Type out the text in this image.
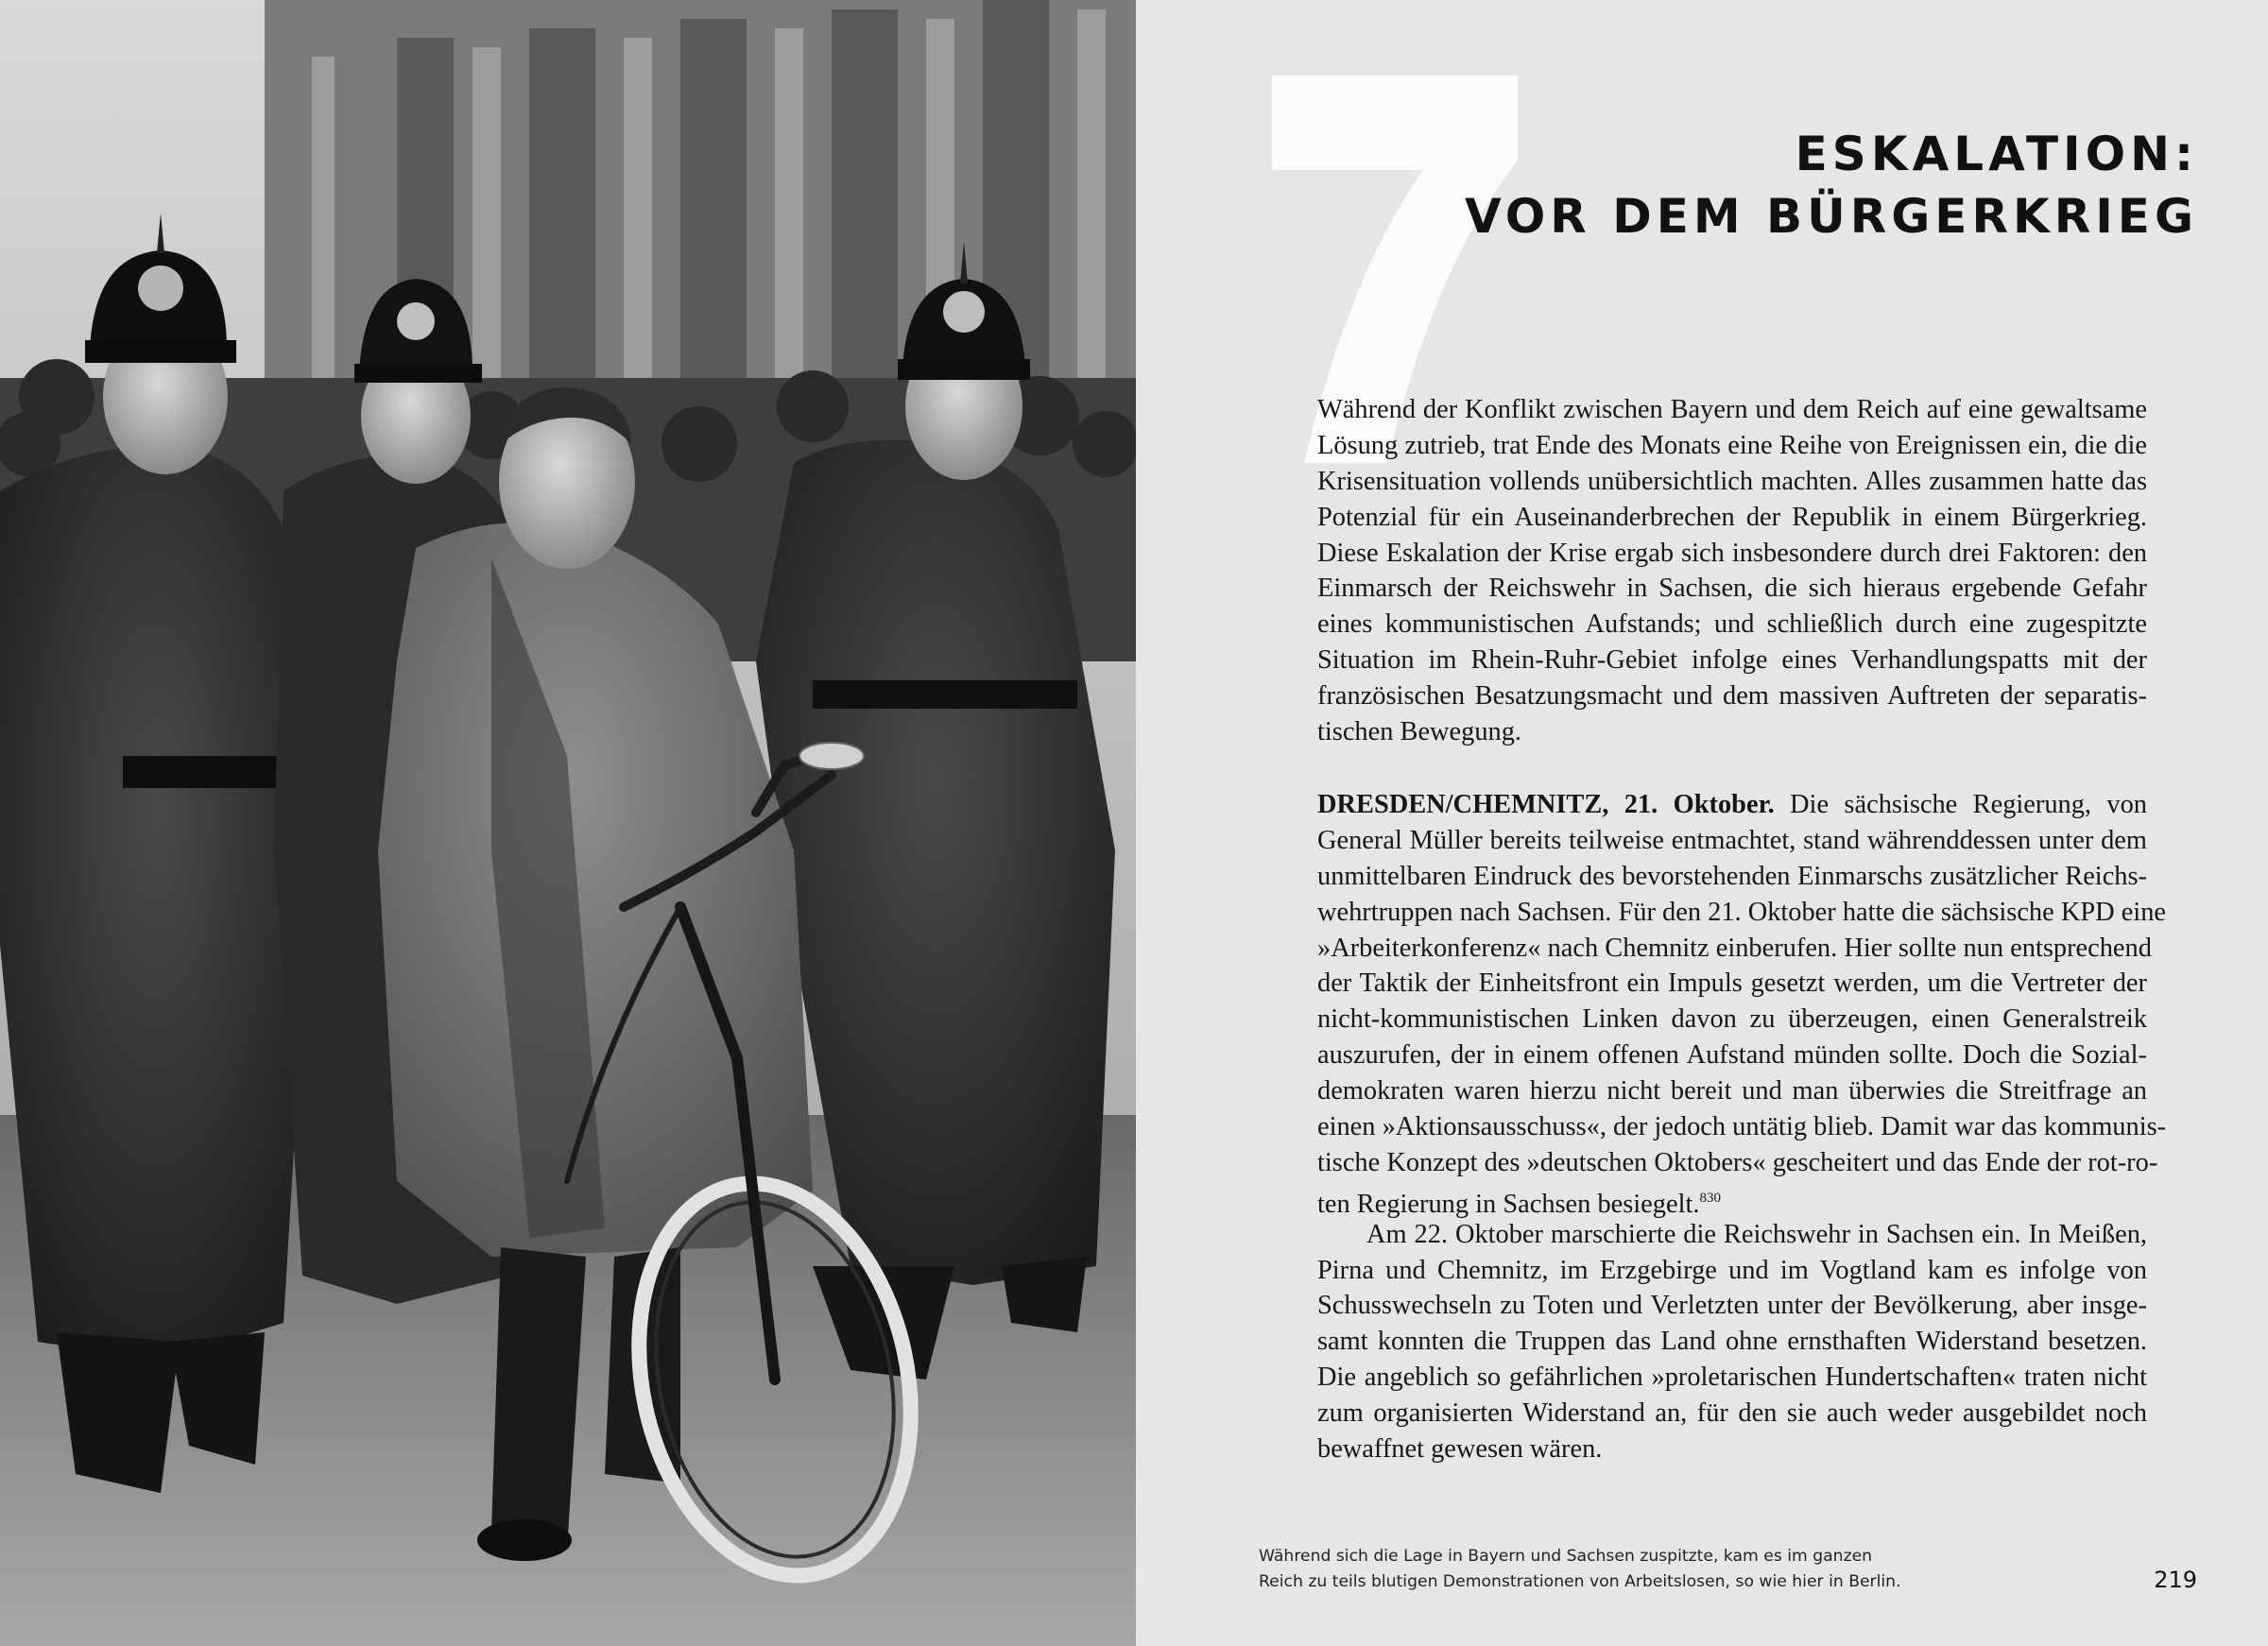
ESKALATION:
VOR DEM BÜRGERKRIEG
Während der Konflikt zwischen Bayern und dem Reich auf eine gewaltsame
Lösung zutrieb, trat Ende des Monats eine Reihe von Ereignissen ein, die die
Krisensituation vollends unübersichtlich machten. Alles zusammen hatte das
Potenzial für ein Auseinanderbrechen der Republik in einem Bürgerkrieg.
Diese Eskalation der Krise ergab sich insbesondere durch drei Faktoren: den
Einmarsch der Reichswehr in Sachsen, die sich hieraus ergebende Gefahr
eines kommunistischen Aufstands; und schließlich durch eine zugespitzte
Situation im Rhein-Ruhr-Gebiet infolge eines Verhandlungspatts mit der
französischen Besatzungsmacht und dem massiven Auftreten der separatis-
tischen Bewegung.
DRESDEN/CHEMNITZ, 21. Oktober. Die sächsische Regierung, von
General Müller bereits teilweise entmachtet, stand währenddessen unter dem
unmittelbaren Eindruck des bevorstehenden Einmarschs zusätzlicher Reichs-
wehrtruppen nach Sachsen. Für den 21. Oktober hatte die sächsische KPD eine
»Arbeiterkonferenz« nach Chemnitz einberufen. Hier sollte nun entsprechend
der Taktik der Einheitsfront ein Impuls gesetzt werden, um die Vertreter der
nicht-kommunistischen Linken davon zu überzeugen, einen Generalstreik
auszurufen, der in einem offenen Aufstand münden sollte. Doch die Sozial-
demokraten waren hierzu nicht bereit und man überwies die Streitfrage an
einen »Aktionsausschuss«, der jedoch untätig blieb. Damit war das kommunis-
tische Konzept des »deutschen Oktobers« gescheitert und das Ende der rot-ro-
ten Regierung in Sachsen besiegelt.$^{830}$
Am 22. Oktober marschierte die Reichswehr in Sachsen ein. In Meißen,
Pirna und Chemnitz, im Erzgebirge und im Vogtland kam es infolge von
Schusswechseln zu Toten und Verletzten unter der Bevölkerung, aber insge-
samt konnten die Truppen das Land ohne ernsthaften Widerstand besetzen.
Die angeblich so gefährlichen »proletarischen Hundertschaften« traten nicht
zum organisierten Widerstand an, für den sie auch weder ausgebildet noch
bewaffnet gewesen wären.
Während sich die Lage in Bayern und Sachsen zuspitzte, kam es im ganzen
Reich zu teils blutigen Demonstrationen von Arbeitslosen, so wie hier in Berlin.	219
